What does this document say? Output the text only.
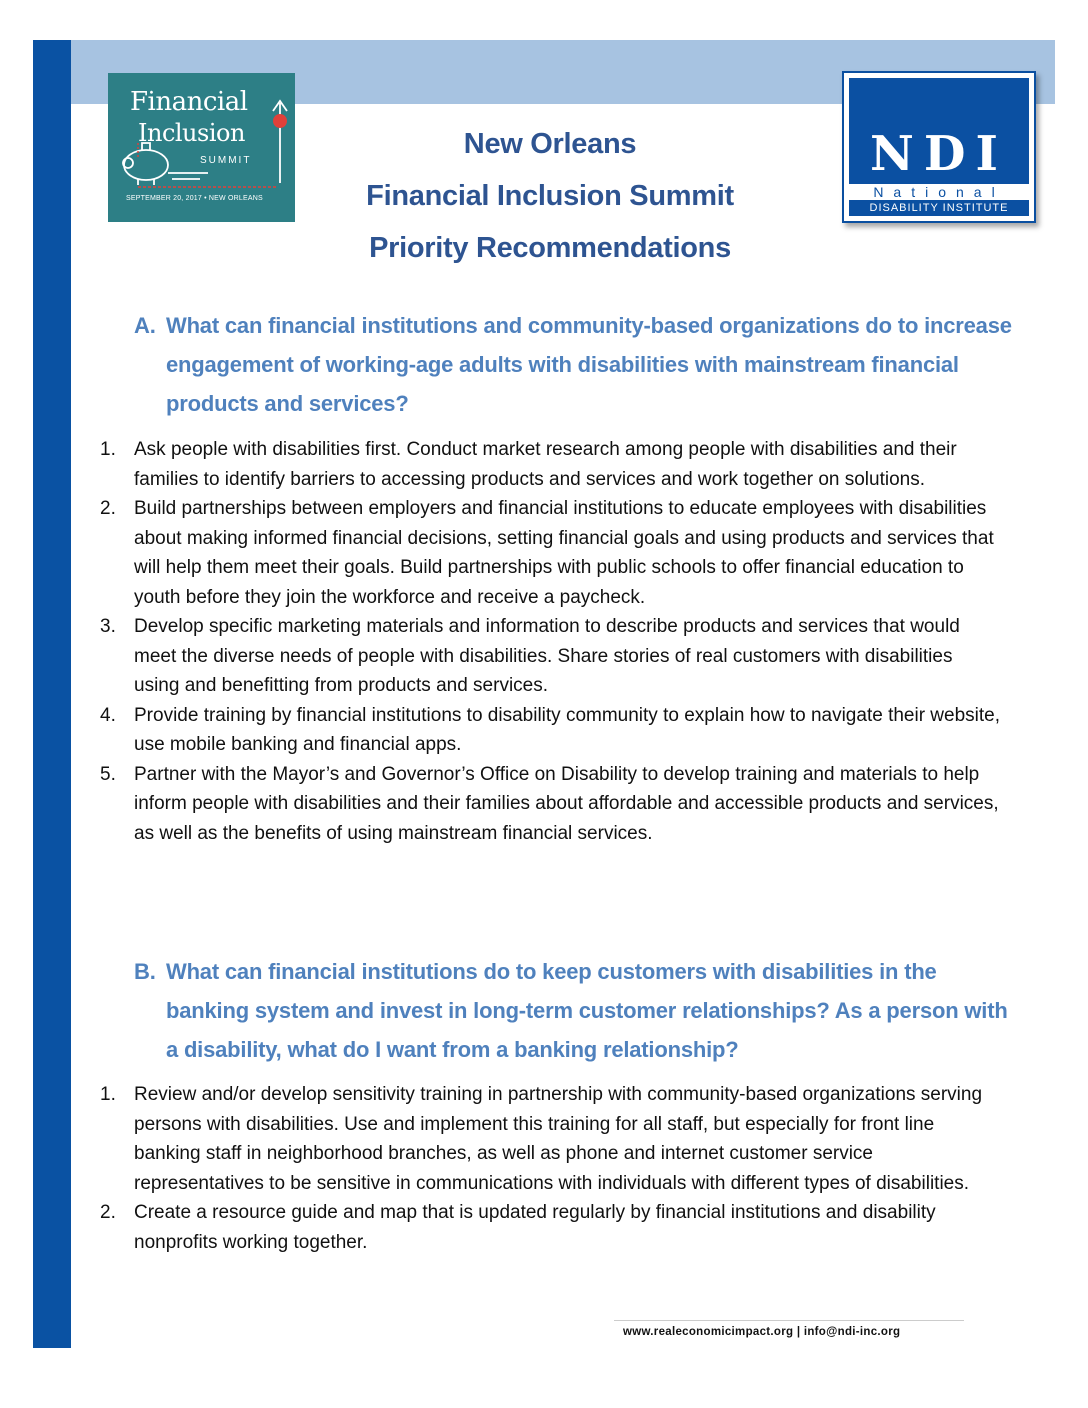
Financial
Inclusion
SUMMIT
SEPTEMBER 20, 2017 • NEW ORLEANS
New Orleans
Financial Inclusion Summit
Priority Recommendations
NDI
National
DISABILITY INSTITUTE
A. What can financial institutions and community-based organizations do to increase engagement of working-age adults with disabilities with mainstream financial products and services?
1. Ask people with disabilities first. Conduct market research among people with disabilities and their families to identify barriers to accessing products and services and work together on solutions.
2. Build partnerships between employers and financial institutions to educate employees with disabilities about making informed financial decisions, setting financial goals and using products and services that will help them meet their goals. Build partnerships with public schools to offer financial education to youth before they join the workforce and receive a paycheck.
3. Develop specific marketing materials and information to describe products and services that would meet the diverse needs of people with disabilities. Share stories of real customers with disabilities using and benefitting from products and services.
4. Provide training by financial institutions to disability community to explain how to navigate their website, use mobile banking and financial apps.
5. Partner with the Mayor’s and Governor’s Office on Disability to develop training and materials to help inform people with disabilities and their families about affordable and accessible products and services, as well as the benefits of using mainstream financial services.
B. What can financial institutions do to keep customers with disabilities in the banking system and invest in long-term customer relationships? As a person with a disability, what do I want from a banking relationship?
1. Review and/or develop sensitivity training in partnership with community-based organizations serving persons with disabilities. Use and implement this training for all staff, but especially for front line banking staff in neighborhood branches, as well as phone and internet customer service representatives to be sensitive in communications with individuals with different types of disabilities.
2. Create a resource guide and map that is updated regularly by financial institutions and disability nonprofits working together.
www.realeconomicimpact.org | info@ndi-inc.org
